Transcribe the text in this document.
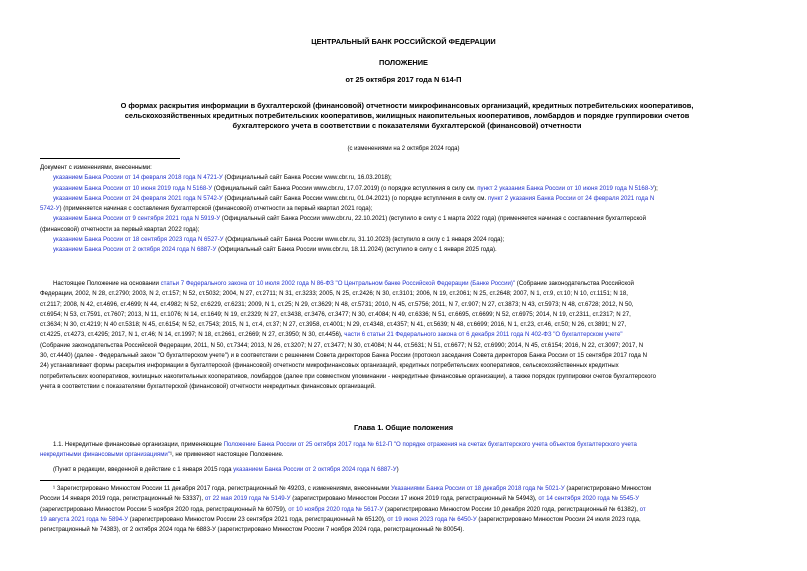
ЦЕНТРАЛЬНЫЙ БАНК РОССИЙСКОЙ ФЕДЕРАЦИИ
ПОЛОЖЕНИЕ
от 25 октября 2017 года N 614-П
О формах раскрытия информации в бухгалтерской (финансовой) отчетности микрофинансовых организаций, кредитных потребительских кооперативов,
сельскохозяйственных кредитных потребительских кооперативов, жилищных накопительных кооперативов, ломбардов и порядке группировки счетов
бухгалтерского учета в соответствии с показателями бухгалтерской (финансовой) отчетности
(с изменениями на 2 октября 2024 года)
Документ с изменениями, внесенными:
указанием Банка России от 14 февраля 2018 года N 4721-У (Официальный сайт Банка России www.cbr.ru, 16.03.2018);
указанием Банка России от 10 июня 2019 года N 5168-У (Официальный сайт Банка России www.cbr.ru, 17.07.2019) (о порядке вступления в силу см. пункт 2 указания Банка России от 10 июня 2019 года N 5168-У);
указанием Банка России от 24 февраля 2021 года N 5742-У (Официальный сайт Банка России www.cbr.ru, 01.04.2021) (о порядке вступления в силу см. пункт 2 указания Банка России от 24 февраля 2021 года N
5742-У) (применяется начиная с составления бухгалтерской (финансовой) отчетности за первый квартал 2021 года);
указанием Банка России от 9 сентября 2021 года N 5919-У (Официальный сайт Банка России www.cbr.ru, 22.10.2021) (вступило в силу с 1 марта 2022 года) (применяется начиная с составления бухгалтерской
(финансовой) отчетности за первый квартал 2022 года);
указанием Банка России от 18 сентября 2023 года N 6527-У (Официальный сайт Банка России www.cbr.ru, 31.10.2023) (вступило в силу с 1 января 2024 года);
указанием Банка России от 2 октября 2024 года N 6887-У (Официальный сайт Банка России www.cbr.ru, 18.11.2024) (вступило в силу с 1 января 2025 года).
Настоящее Положение на основании статьи 7 Федерального закона от 10 июля 2002 года N 86-ФЗ "О Центральном банке Российской Федерации (Банке России)" (Собрание законодательства Российской
Федерации, 2002, N 28, ст.2790; 2003, N 2, ст.157; N 52, ст.5032; 2004, N 27, ст.2711; N 31, ст.3233; 2005, N 25, ст.2426; N 30, ст.3101; 2006, N 19, ст.2061; N 25, ст.2648; 2007, N 1, ст.9, ст.10; N 10, ст.1151; N 18,
ст.2117; 2008, N 42, ст.4696, ст.4699; N 44, ст.4982; N 52, ст.6229, ст.6231; 2009, N 1, ст.25; N 29, ст.3629; N 48, ст.5731; 2010, N 45, ст.5756; 2011, N 7, ст.907; N 27, ст.3873; N 43, ст.5973; N 48, ст.6728; 2012, N 50,
ст.6954; N 53, ст.7591, ст.7607; 2013, N 11, ст.1076; N 14, ст.1649; N 19, ст.2329; N 27, ст.3438, ст.3476, ст.3477; N 30, ст.4084; N 49, ст.6336; N 51, ст.6695, ст.6699; N 52, ст.6975; 2014, N 19, ст.2311, ст.2317; N 27,
ст.3634; N 30, ст.4219; N 40 ст.5318; N 45, ст.6154; N 52, ст.7543; 2015, N 1, ст.4, ст.37; N 27, ст.3958, ст.4001; N 29, ст.4348, ст.4357; N 41, ст.5639; N 48, ст.6699; 2016, N 1, ст.23, ст.46, ст.50; N 26, ст.3891; N 27,
ст.4225, ст.4273, ст.4295; 2017, N 1, ст.46; N 14, ст.1997; N 18, ст.2661, ст.2669; N 27, ст.3950; N 30, ст.4456), части 6 статьи 21 Федерального закона от 6 декабря 2011 года N 402-ФЗ "О бухгалтерском учете"
(Собрание законодательства Российской Федерации, 2011, N 50, ст.7344; 2013, N 26, ст.3207; N 27, ст.3477; N 30, ст.4084; N 44, ст.5631; N 51, ст.6677; N 52, ст.6990; 2014, N 45, ст.6154; 2016, N 22, ст.3097; 2017, N
30, ст.4440) (далее - Федеральный закон "О бухгалтерском учете") и в соответствии с решением Совета директоров Банка России (протокол заседания Совета директоров Банка России от 15 сентября 2017 года N
24) устанавливает формы раскрытия информации в бухгалтерской (финансовой) отчетности микрофинансовых организаций, кредитных потребительских кооперативов, сельскохозяйственных кредитных
потребительских кооперативов, жилищных накопительных кооперативов, ломбардов (далее при совместном упоминании - некредитные финансовые организации), а также порядок группировки счетов бухгалтерского
учета в соответствии с показателями бухгалтерской (финансовой) отчетности некредитных финансовых организаций.
Глава 1. Общие положения
1.1. Некредитные финансовые организации, применяющие Положение Банка России от 25 октября 2017 года № 612-П "О порядке отражения на счетах бухгалтерского учета объектов бухгалтерского учета
некредитными финансовыми организациями"¹, не применяют настоящее Положение.
(Пункт в редакции, введенной в действие с 1 января 2015 года указанием Банка России от 2 октября 2024 года N 6887-У)
¹ Зарегистрировано Минюстом России 11 декабря 2017 года, регистрационный № 49203, с изменениями, внесенными Указаниями Банка России от 18 декабря 2018 года № 5021-У (зарегистрировано Минюстом
России 14 января 2019 года, регистрационный № 53337), от 22 мая 2019 года № 5149-У (зарегистрировано Минюстом России 17 июня 2019 года, регистрационный № 54943), от 14 сентября 2020 года № 5545-У
(зарегистрировано Минюстом России 5 ноября 2020 года, регистрационный № 60759), от 10 ноября 2020 года № 5617-У (зарегистрировано Минюстом России 10 декабря 2020 года, регистрационный № 61382), от
19 августа 2021 года № 5894-У (зарегистрировано Минюстом России 23 сентября 2021 года, регистрационный № 65120), от 19 июня 2023 года № 6450-У (зарегистрировано Минюстом России 24 июля 2023 года,
регистрационный № 74383), от 2 октября 2024 года № 6883-У (зарегистрировано Минюстом России 7 ноября 2024 года, регистрационный № 80054).
